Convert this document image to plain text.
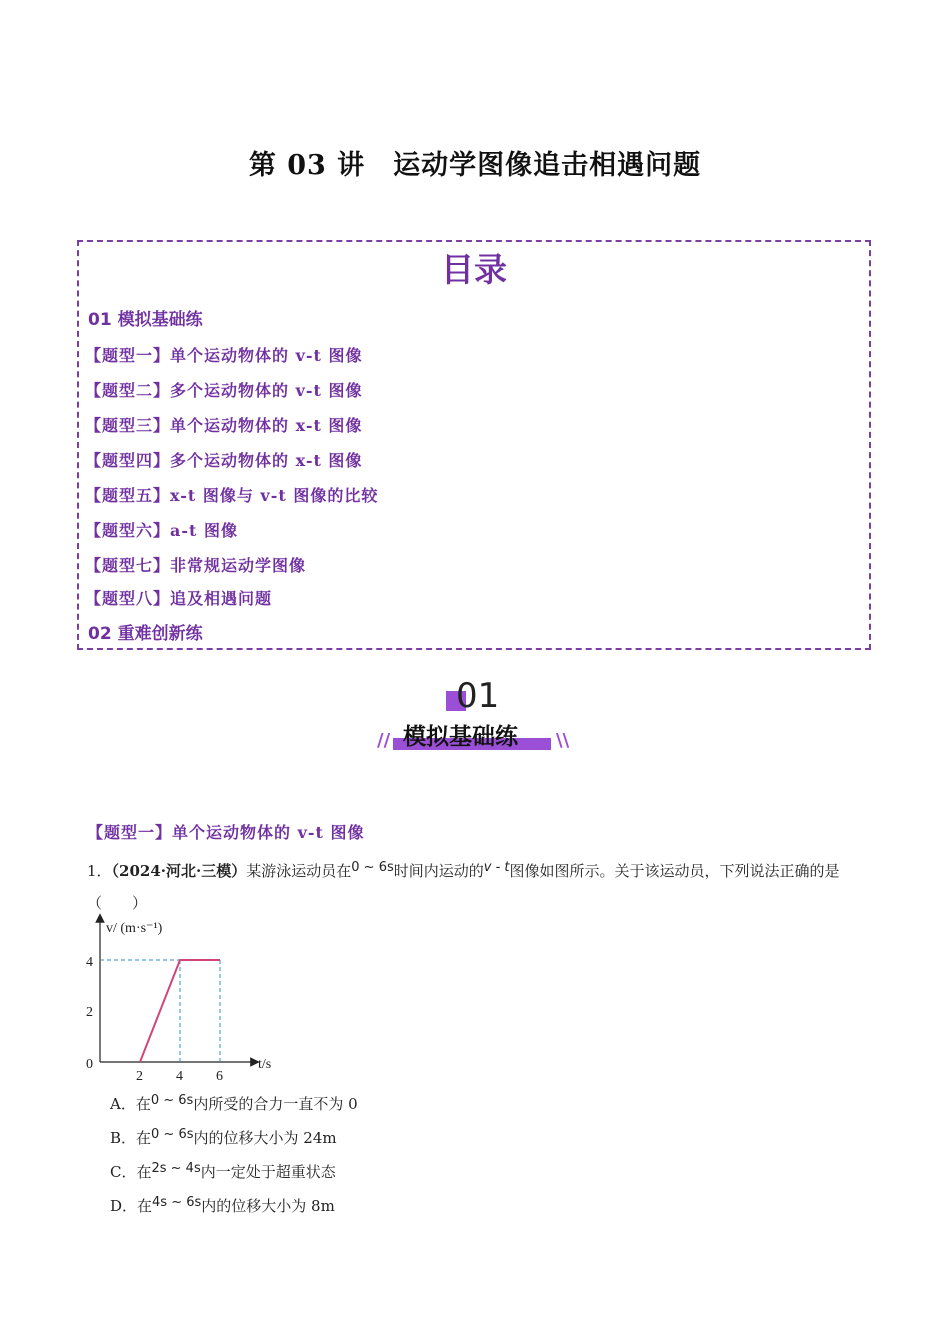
第 03 讲　运动学图像追击相遇问题
目录
01 模拟基础练
【题型一】单个运动物体的 v-t 图像
【题型二】多个运动物体的 v-t 图像
【题型三】单个运动物体的 x-t 图像
【题型四】多个运动物体的 x-t 图像
【题型五】x-t 图像与 v-t 图像的比较
【题型六】a-t 图像
【题型七】非常规运动学图像
【题型八】追及相遇问题
02 重难创新练
01
模拟基础练
//	\\
【题型一】单个运动物体的 v-t 图像
1．（2024·河北·三模）某游泳运动员在0 ~ 6s时间内运动的v - t图像如图所示。关于该运动员，下列说法正确的是（　　）
v/ (m·s⁻¹)
t/s
4
2
0
2 4 6
A．在0 ~ 6s内所受的合力一直不为 0
B．在0 ~ 6s内的位移大小为 24m
C．在2s ~ 4s内一定处于超重状态
D．在4s ~ 6s内的位移大小为 8m
